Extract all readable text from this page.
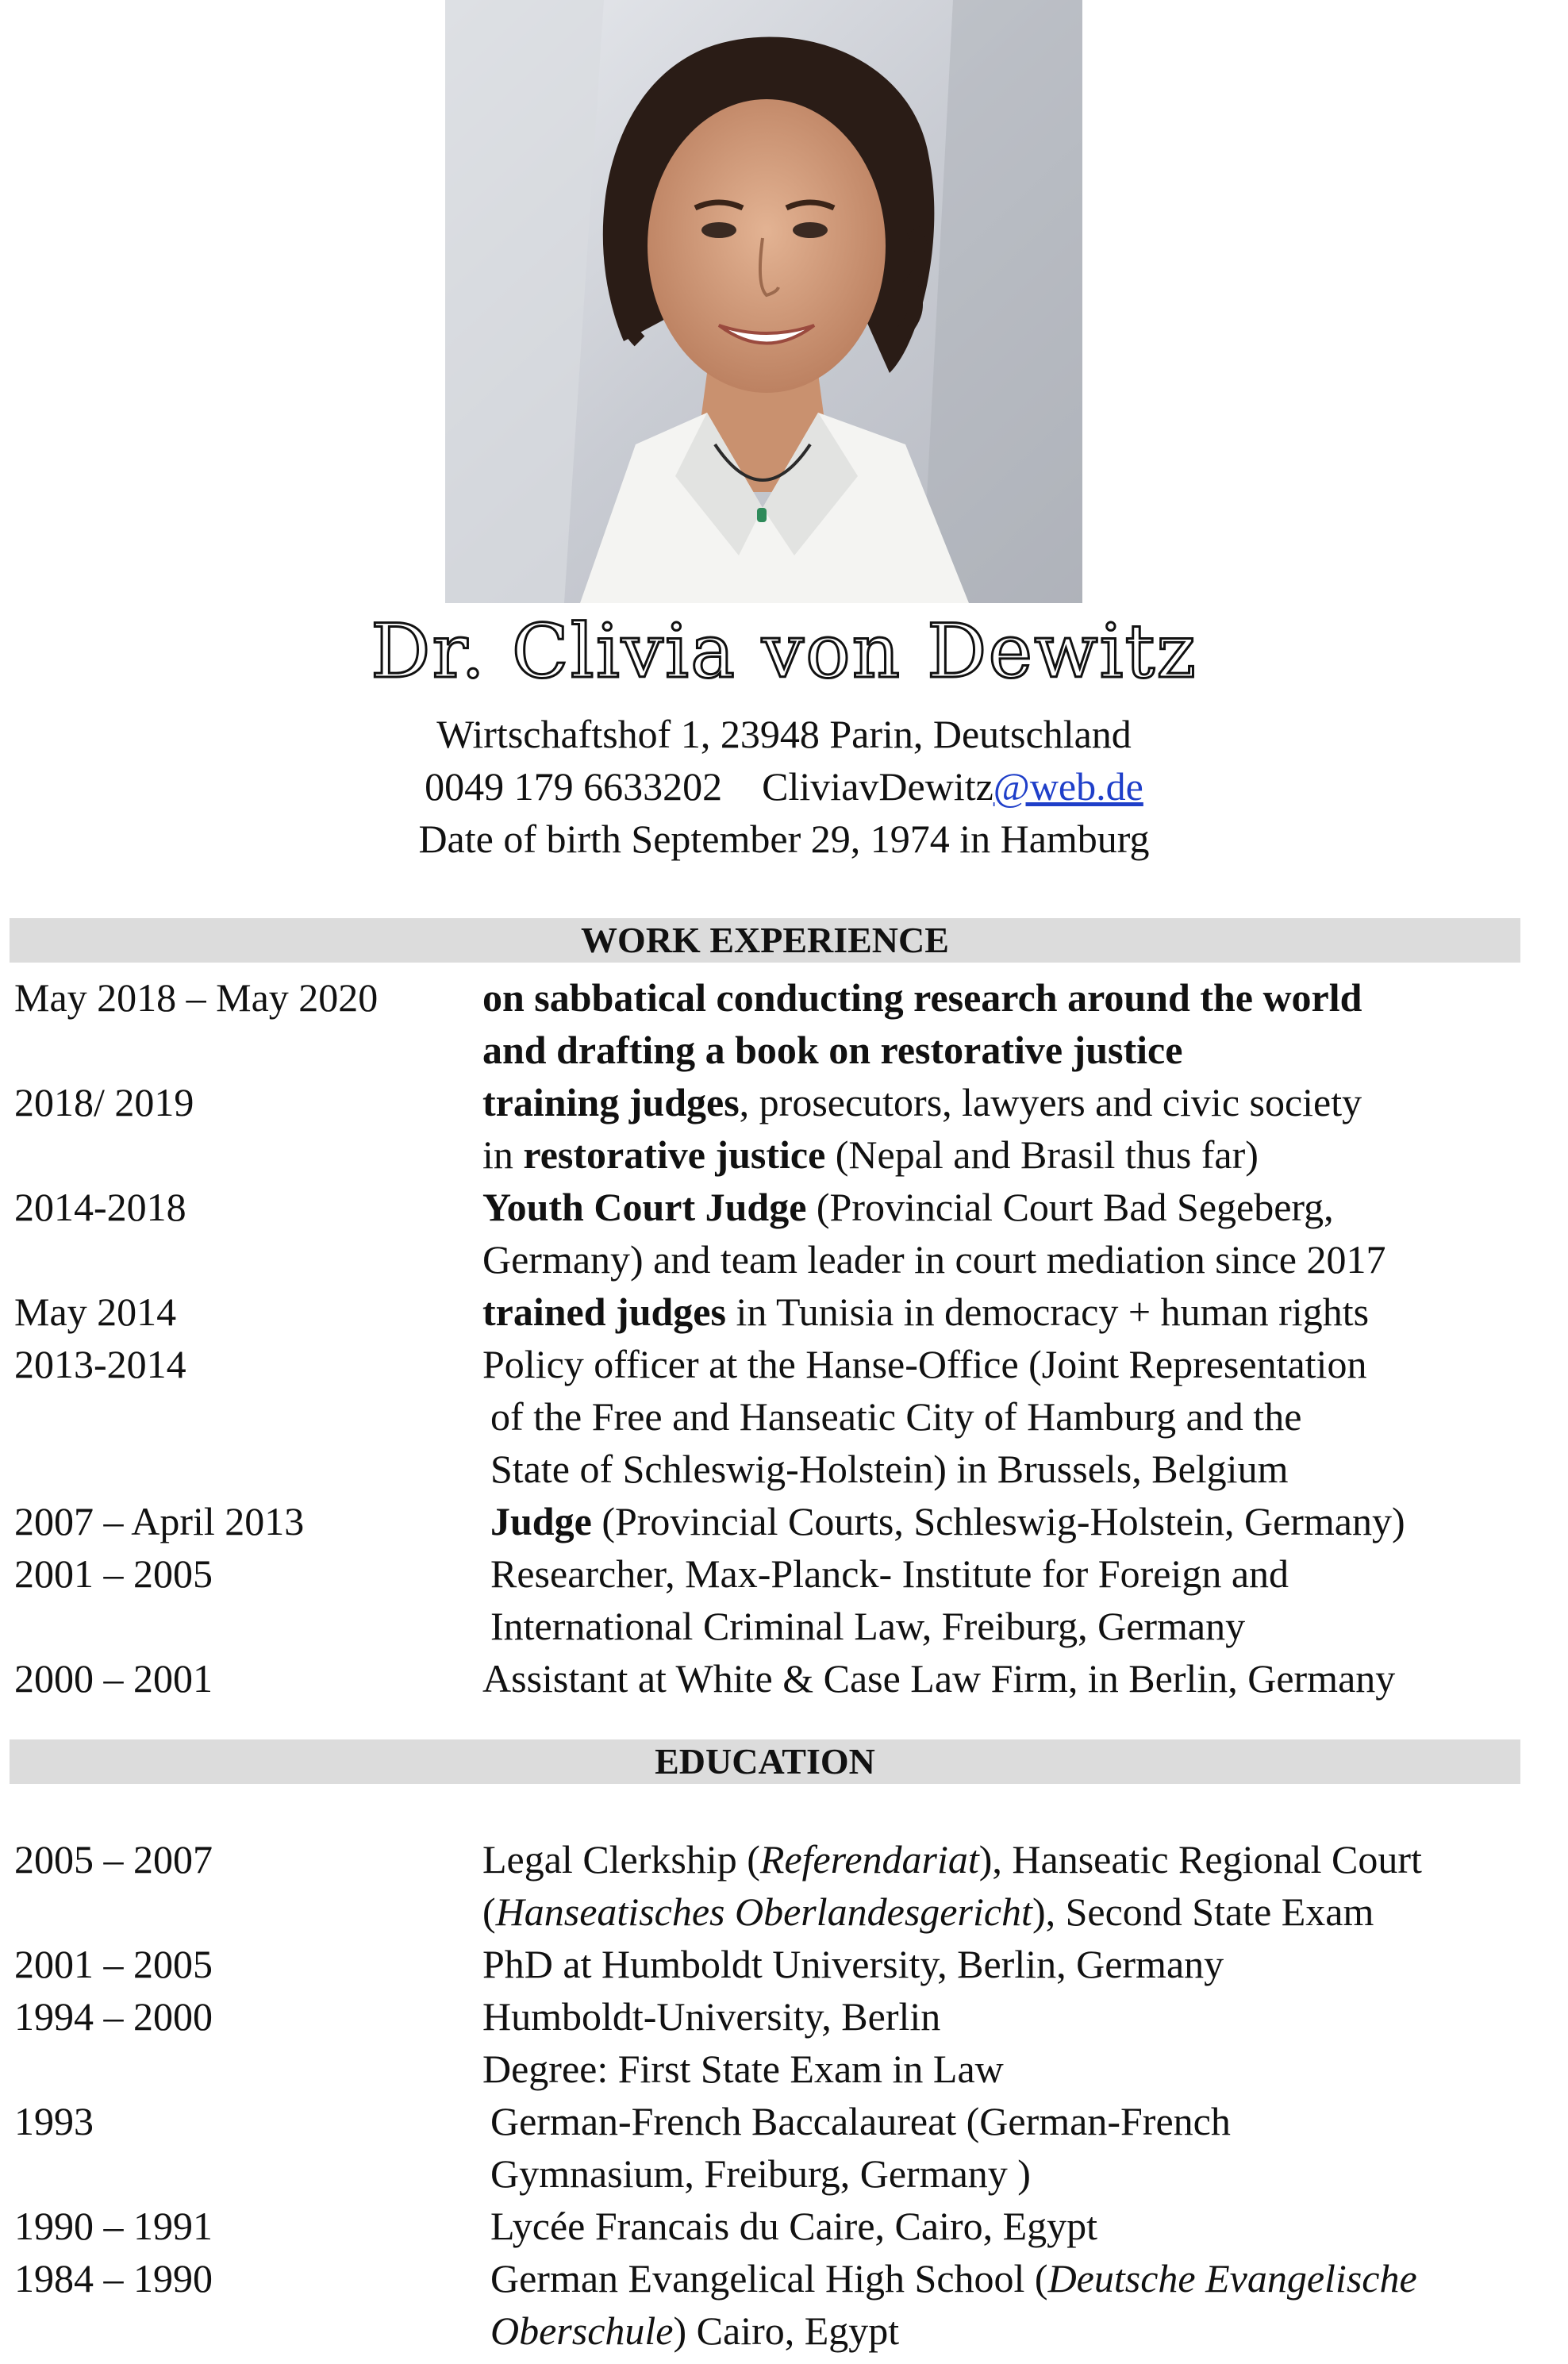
Dr. Clivia von Dewitz
Wirtschaftshof 1, 23948 Parin, Deutschland
0049 179 6633202 CliviavDewitz@web.de
Date of birth September 29, 1974 in Hamburg
WORK EXPERIENCE
May 2018 – May 2020	on sabbatical conducting research around the world
and drafting a book on restorative justice
2018/ 2019	training judges, prosecutors, lawyers and civic society
in restorative justice (Nepal and Brasil thus far)
2014-2018	Youth Court Judge (Provincial Court Bad Segeberg,
Germany) and team leader in court mediation since 2017
May 2014	trained judges in Tunisia in democracy + human rights
2013-2014	Policy officer at the Hanse-Office (Joint Representation
of the Free and Hanseatic City of Hamburg and the
State of Schleswig-Holstein) in Brussels, Belgium
2007 – April 2013	Judge (Provincial Courts, Schleswig-Holstein, Germany)
2001 – 2005	Researcher, Max-Planck- Institute for Foreign and
International Criminal Law, Freiburg, Germany
2000 – 2001	Assistant at White & Case Law Firm, in Berlin, Germany
EDUCATION
2005 – 2007	Legal Clerkship (Referendariat), Hanseatic Regional Court
(Hanseatisches Oberlandesgericht), Second State Exam
2001 – 2005	PhD at Humboldt University, Berlin, Germany
1994 – 2000	Humboldt-University, Berlin
Degree: First State Exam in Law
1993	German-French Baccalaureat (German-French
Gymnasium, Freiburg, Germany )
1990 – 1991	Lycée Francais du Caire, Cairo, Egypt
1984 – 1990	German Evangelical High School (Deutsche Evangelische
Oberschule) Cairo, Egypt
